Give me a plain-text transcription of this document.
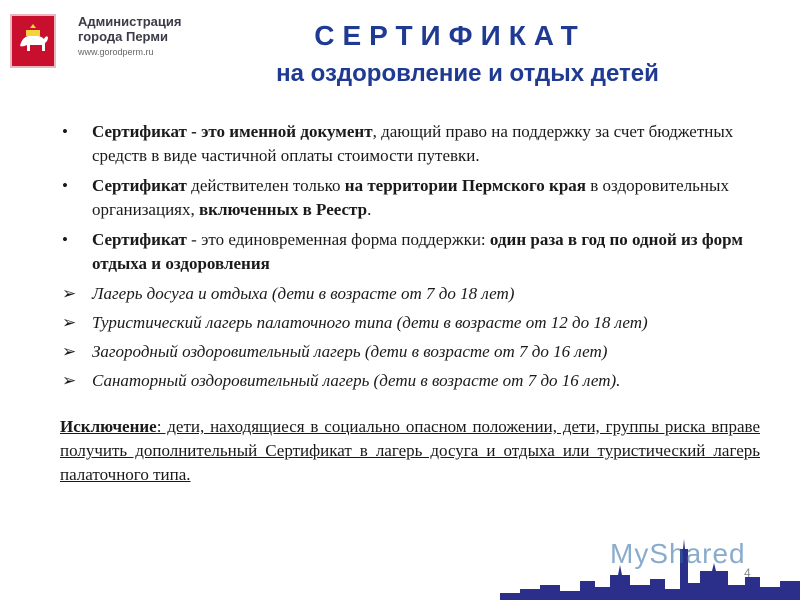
Администрация
города Перми
www.gorodperm.ru
СЕРТИФИКАТ
на оздоровление и отдых детей
• Сертификат - это именной документ, дающий право на поддержку за счет бюджетных средств в виде частичной оплаты стоимости путевки.
• Сертификат действителен только на территории Пермского края в оздоровительных организациях, включенных в Реестр.
• Сертификат - это единовременная форма поддержки: один раза в год по одной из форм отдыха и оздоровления
➢ Лагерь досуга и отдыха (дети в возрасте от 7 до 18 лет)
➢ Туристический лагерь палаточного типа (дети в возрасте от 12 до 18 лет)
➢ Загородный оздоровительный лагерь (дети в возрасте от 7 до 16 лет)
➢ Санаторный оздоровительный лагерь (дети в возрасте от 7 до 16 лет).
Исключение: дети, находящиеся в социально опасном положении, дети, группы риска вправе получить дополнительный Сертификат в лагерь досуга и отдыха или туристический лагерь палаточного типа.
MyShared
4
